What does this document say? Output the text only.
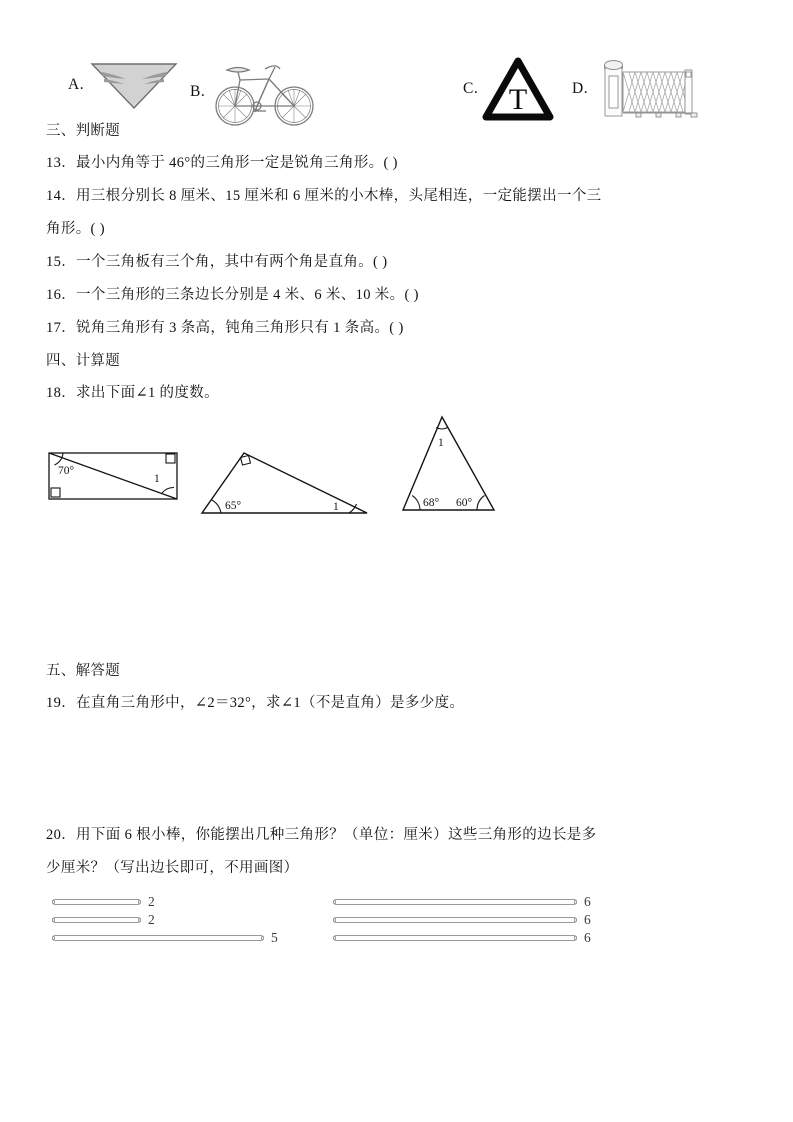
A.	B.	C. T	D.

三、判断题

13．最小内角等于 46°的三角形一定是锐角三角形。( )

14．用三根分别长 8 厘米、15 厘米和 6 厘米的小木棒，头尾相连，一定能摆出一个三

角形。( )

15．一个三角板有三个角，其中有两个角是直角。( )

16．一个三角形的三条边长分别是 4 米、6 米、10 米。( )

17．锐角三角形有 3 条高，钝角三角形只有 1 条高。( )

四、计算题

18．求出下面∠1 的度数。

70°
1
65°	1
1
68° 60°

五、解答题

19．在直角三角形中，∠2＝32°，求∠1（不是直角）是多少度。

20．用下面 6 根小棒，你能摆出几种三角形？（单位：厘米）这些三角形的边长是多

少厘米？（写出边长即可，不用画图）

2
2
5
6
6
6
